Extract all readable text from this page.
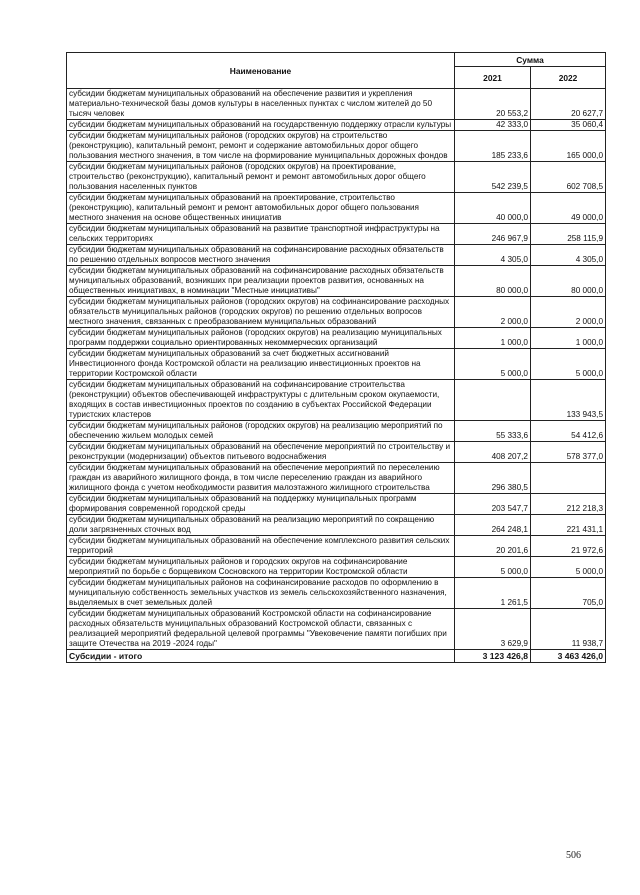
Наименование	Сумма	
	2021	2022
субсидии бюджетам муниципальных образований на обеспечение развития и укрепления материально-технической базы домов культуры в населенных пунктах с числом жителей до 50 тысяч человек	20 553,2	20 627,7
субсидии бюджетам муниципальных образований на государственную поддержку отрасли культуры	42 333,0	35 060,4
субсидии бюджетам муниципальных районов (городских округов) на строительство (реконструкцию), капитальный ремонт, ремонт и содержание автомобильных дорог общего пользования местного значения, в том числе на формирование муниципальных дорожных фондов	185 233,6	165 000,0
субсидии бюджетам муниципальных районов (городских округов) на проектирование, строительство (реконструкцию), капитальный ремонт и ремонт автомобильных дорог общего пользования населенных пунктов	542 239,5	602 708,5
субсидии бюджетам муниципальных образований на проектирование, строительство (реконструкцию), капитальный ремонт и ремонт автомобильных дорог общего пользования местного значения на основе общественных инициатив	40 000,0	49 000,0
субсидии бюджетам муниципальных образований на развитие транспортной инфраструктуры на сельских территориях	246 967,9	258 115,9
субсидии бюджетам муниципальных образований на софинансирование расходных обязательств по решению отдельных вопросов местного значения	4 305,0	4 305,0
субсидии бюджетам муниципальных образований на софинансирование расходных обязательств муниципальных образований, возникших при реализации проектов развития, основанных на общественных инициативах, в номинации "Местные инициативы"	80 000,0	80 000,0
субсидии бюджетам муниципальных районов (городских округов) на софинансирование расходных обязательств муниципальных районов (городских округов) по решению отдельных вопросов местного значения, связанных с преобразованием муниципальных образований	2 000,0	2 000,0
субсидии бюджетам муниципальных районов (городских округов) на реализацию муниципальных программ поддержки социально ориентированных некоммерческих организаций	1 000,0	1 000,0
субсидии бюджетам муниципальных образований за счет бюджетных ассигнований Инвестиционного фонда Костромской области на реализацию инвестиционных проектов на территории Костромской области	5 000,0	5 000,0
субсидии бюджетам муниципальных образований на софинансирование строительства (реконструкции) объектов обеспечивающей инфраструктуры с длительным сроком окупаемости, входящих в состав инвестиционных проектов по созданию в субъектах Российской Федерации туристских кластеров		133 943,5
субсидии бюджетам муниципальных районов (городских округов) на реализацию мероприятий по обеспечению жильем молодых семей	55 333,6	54 412,6
субсидии бюджетам муниципальных образований на обеспечение мероприятий по строительству и реконструкции (модернизации) объектов питьевого водоснабжения	408 207,2	578 377,0
субсидии бюджетам муниципальных образований на обеспечение мероприятий по переселению граждан из аварийного жилищного фонда, в том числе переселению граждан из аварийного жилищного фонда с учетом необходимости развития малоэтажного жилищного строительства	296 380,5	
субсидии бюджетам муниципальных образований на поддержку муниципальных программ формирования современной городской среды	203 547,7	212 218,3
субсидии бюджетам муниципальных образований на реализацию мероприятий по сокращению доли загрязненных сточных вод	264 248,1	221 431,1
субсидии бюджетам муниципальных образований на обеспечение комплексного развития сельских территорий	20 201,6	21 972,6
субсидии бюджетам муниципальных районов и городских округов на софинансирование мероприятий по борьбе с борщевиком Сосновского на территории Костромской области	5 000,0	5 000,0
субсидии бюджетам муниципальных районов на софинансирование расходов по оформлению в муниципальную собственность земельных участков из земель сельскохозяйственного назначения, выделяемых в счет земельных долей	1 261,5	705,0
субсидии бюджетам муниципальных образований Костромской области на софинансирование расходных обязательств муниципальных образований Костромской области, связанных с реализацией мероприятий федеральной целевой программы "Увековечение памяти погибших при защите Отечества на 2019 -2024 годы"	3 629,9	11 938,7
Субсидии - итого	3 123 426,8	3 463 426,0
506
